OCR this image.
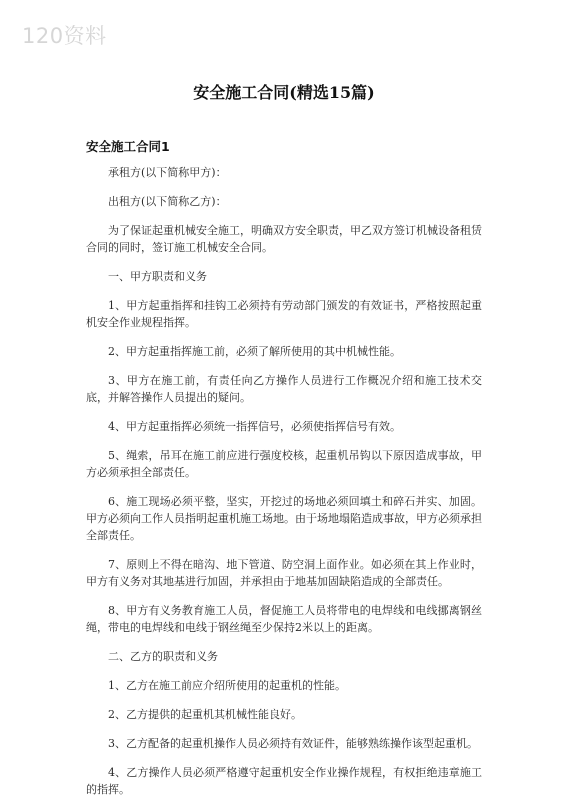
120资料
安全施工合同(精选15篇)
安全施工合同1

承租方(以下简称甲方)：

出租方(以下简称乙方)：

为了保证起重机械安全施工，明确双方安全职责，甲乙双方签订机械设备租赁合同的同时，签订施工机械安全合同。

一、甲方职责和义务

1、甲方起重指挥和挂钩工必须持有劳动部门颁发的有效证书，严格按照起重机安全作业规程指挥。

2、甲方起重指挥施工前，必须了解所使用的其中机械性能。

3、甲方在施工前，有责任向乙方操作人员进行工作概况介绍和施工技术交底，并解答操作人员提出的疑问。

4、甲方起重指挥必须统一指挥信号，必须使指挥信号有效。

5、绳索，吊耳在施工前应进行强度校核，起重机吊钩以下原因造成事故，甲方必须承担全部责任。

6、施工现场必须平整，坚实，开挖过的场地必须回填土和碎石并实、加固。甲方必须向工作人员指明起重机施工场地。由于场地塌陷造成事故，甲方必须承担全部责任。

7、原则上不得在暗沟、地下管道、防空洞上面作业。如必须在其上作业时，甲方有义务对其地基进行加固，并承担由于地基加固缺陷造成的全部责任。

8、甲方有义务教育施工人员，督促施工人员将带电的电焊线和电线挪离钢丝绳，带电的电焊线和电线于钢丝绳至少保持2米以上的距离。

二、乙方的职责和义务

1、乙方在施工前应介绍所使用的起重机的性能。

2、乙方提供的起重机其机械性能良好。

3、乙方配备的起重机操作人员必须持有效证件，能够熟练操作该型起重机。

4、乙方操作人员必须严格遵守起重机安全作业操作规程，有权拒绝违章施工的指挥。
